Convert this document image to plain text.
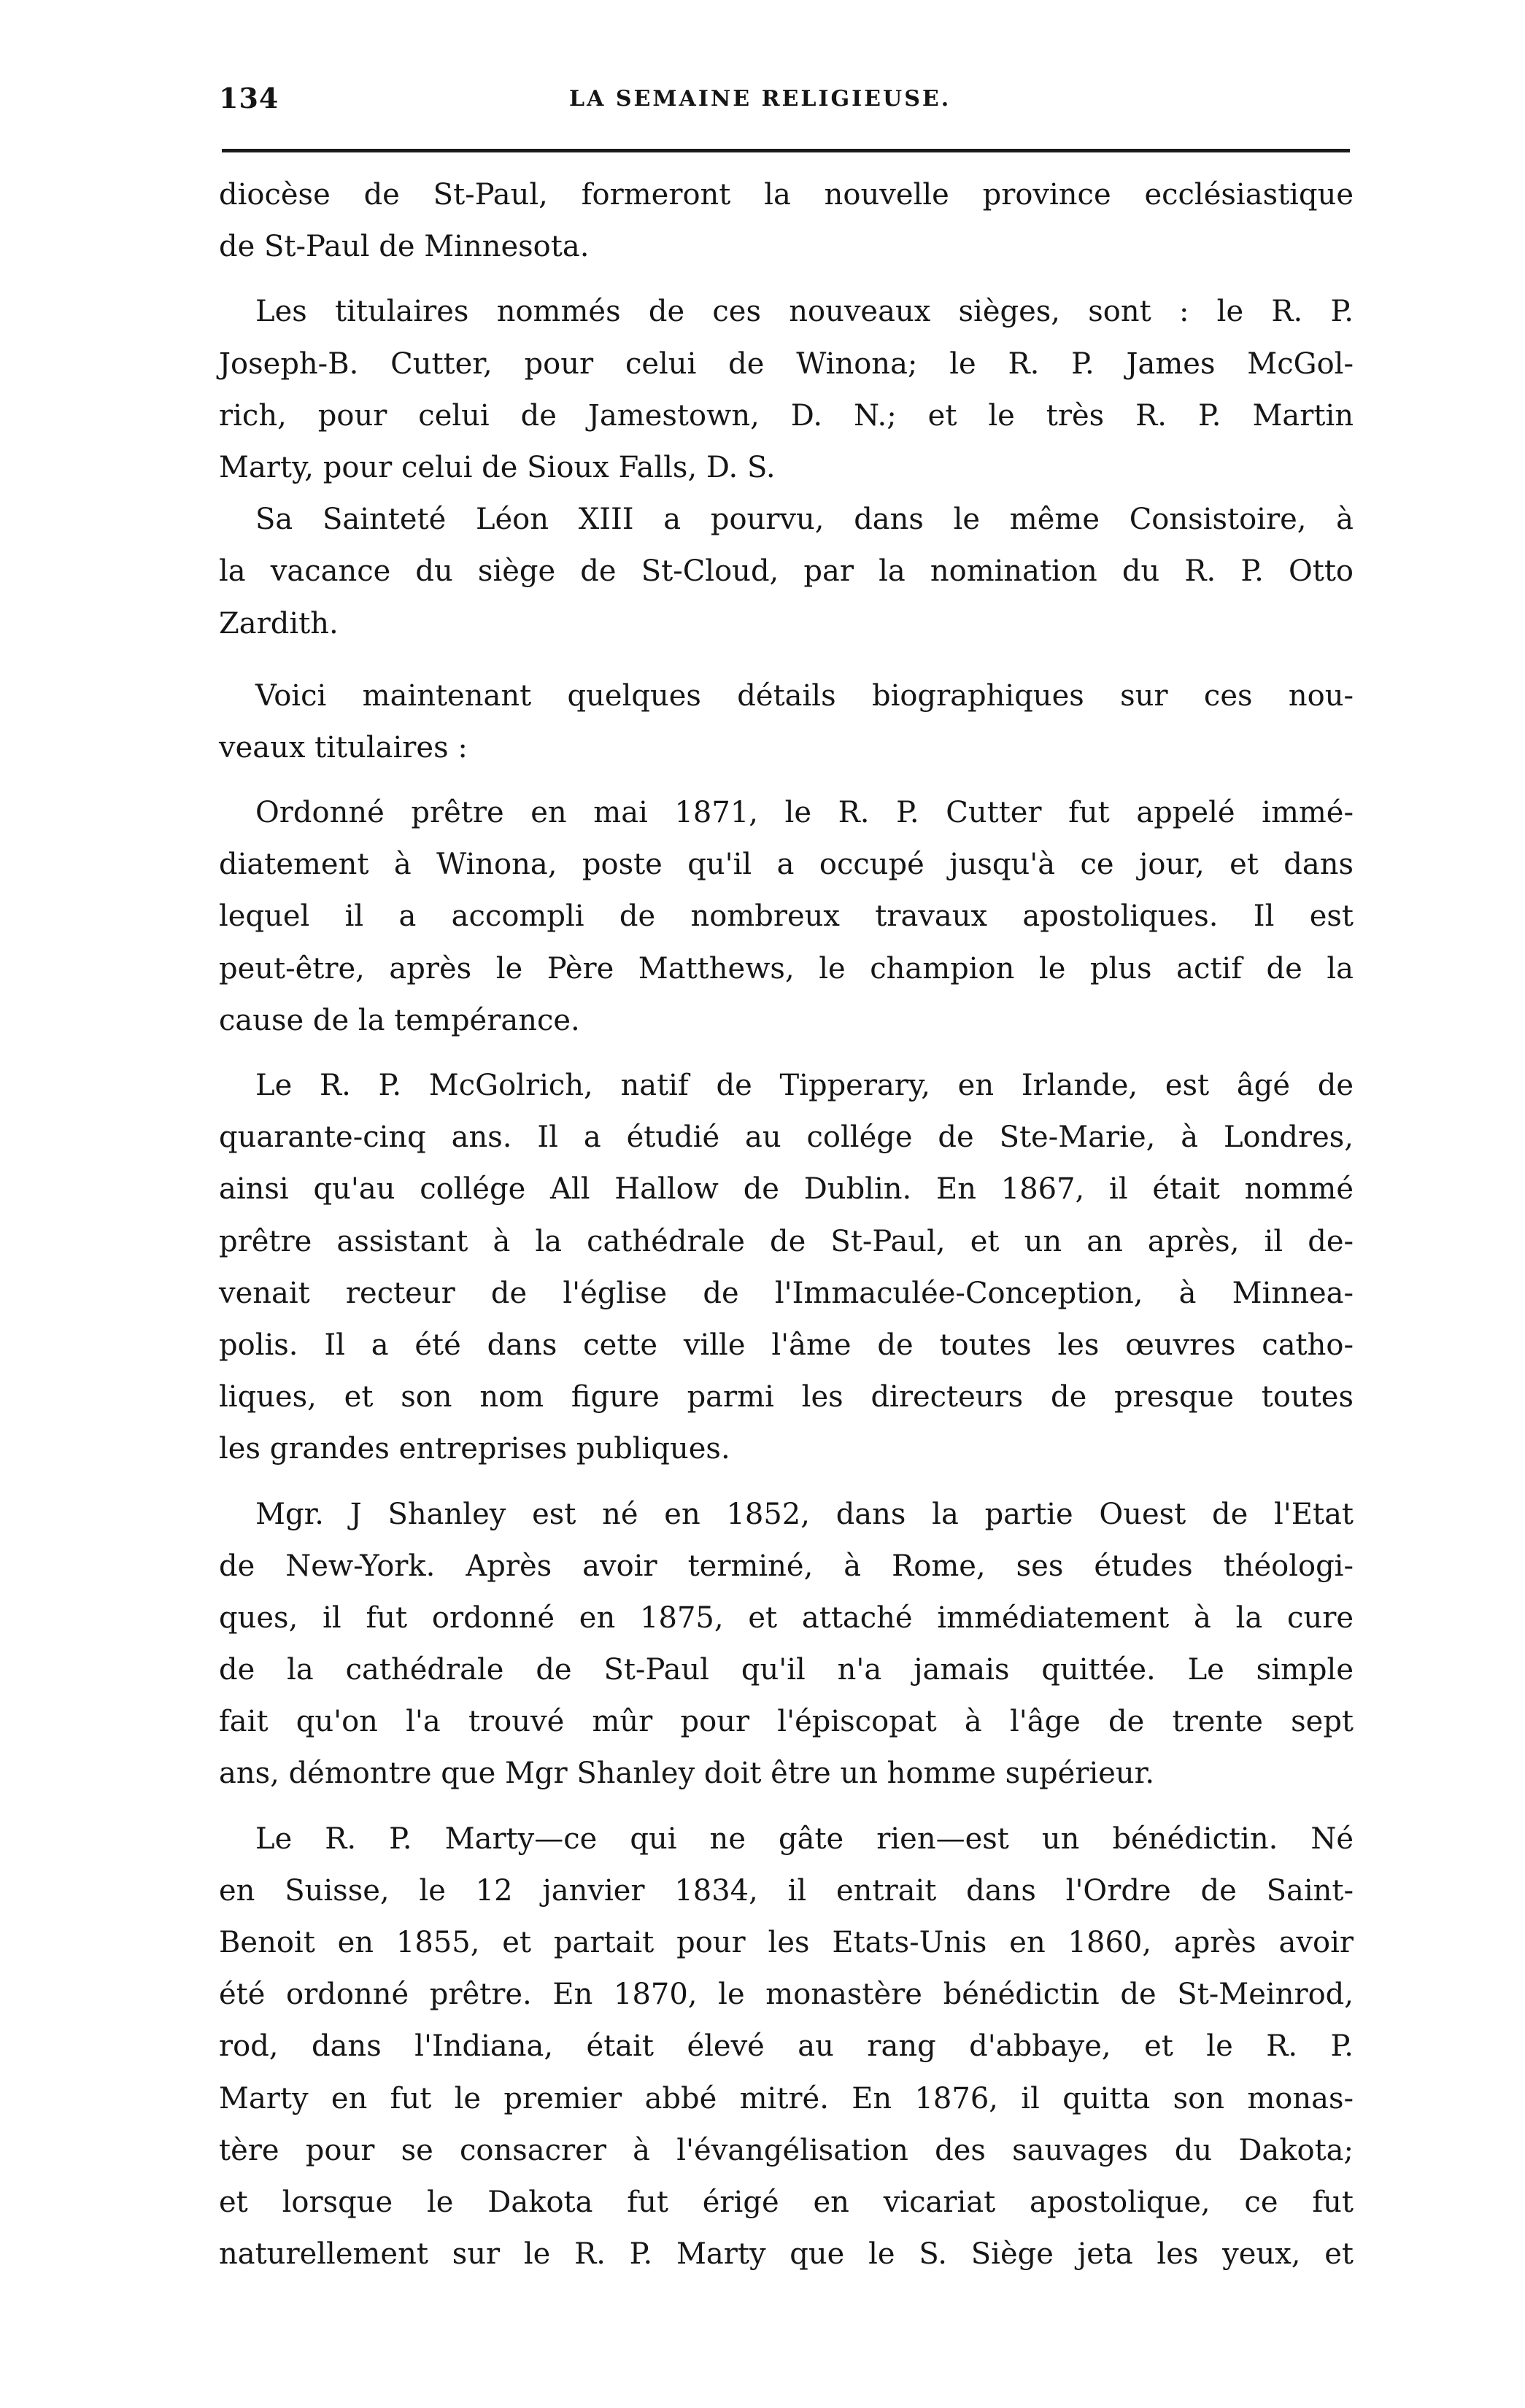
134	LA SEMAINE RELIGIEUSE.
diocèse de St-Paul, formeront la nouvelle province ecclésiastique
de St-Paul de Minnesota.
Les titulaires nommés de ces nouveaux sièges, sont : le R. P.
Joseph-B. Cutter, pour celui de Winona; le R. P. James McGol-
rich, pour celui de Jamestown, D. N.; et le très R. P. Martin
Marty, pour celui de Sioux Falls, D. S.
Sa Sainteté Léon XIII a pourvu, dans le même Consistoire, à
la vacance du siège de St-Cloud, par la nomination du R. P. Otto
Zardith.
Voici maintenant quelques détails biographiques sur ces nou-
veaux titulaires :
Ordonné prêtre en mai 1871, le R. P. Cutter fut appelé immé-
diatement à Winona, poste qu'il a occupé jusqu'à ce jour, et dans
lequel il a accompli de nombreux travaux apostoliques. Il est
peut-être, après le Père Matthews, le champion le plus actif de la
cause de la tempérance.
Le R. P. McGolrich, natif de Tipperary, en Irlande, est âgé de
quarante-cinq ans. Il a étudié au collége de Ste-Marie, à Londres,
ainsi qu'au collége All Hallow de Dublin. En 1867, il était nommé
prêtre assistant à la cathédrale de St-Paul, et un an après, il de-
venait recteur de l'église de l'Immaculée-Conception, à Minnea-
polis. Il a été dans cette ville l'âme de toutes les œuvres catho-
liques, et son nom figure parmi les directeurs de presque toutes
les grandes entreprises publiques.
Mgr. J Shanley est né en 1852, dans la partie Ouest de l'Etat
de New-York. Après avoir terminé, à Rome, ses études théologi-
ques, il fut ordonné en 1875, et attaché immédiatement à la cure
de la cathédrale de St-Paul qu'il n'a jamais quittée. Le simple
fait qu'on l'a trouvé mûr pour l'épiscopat à l'âge de trente sept
ans, démontre que Mgr Shanley doit être un homme supérieur.
Le R. P. Marty—ce qui ne gâte rien—est un bénédictin. Né
en Suisse, le 12 janvier 1834, il entrait dans l'Ordre de Saint-
Benoit en 1855, et partait pour les Etats-Unis en 1860, après avoir
été ordonné prêtre. En 1870, le monastère bénédictin de St-Meinrod,
rod, dans l'Indiana, était élevé au rang d'abbaye, et le R. P.
Marty en fut le premier abbé mitré. En 1876, il quitta son monas-
tère pour se consacrer à l'évangélisation des sauvages du Dakota;
et lorsque le Dakota fut érigé en vicariat apostolique, ce fut
naturellement sur le R. P. Marty que le S. Siège jeta les yeux, et
